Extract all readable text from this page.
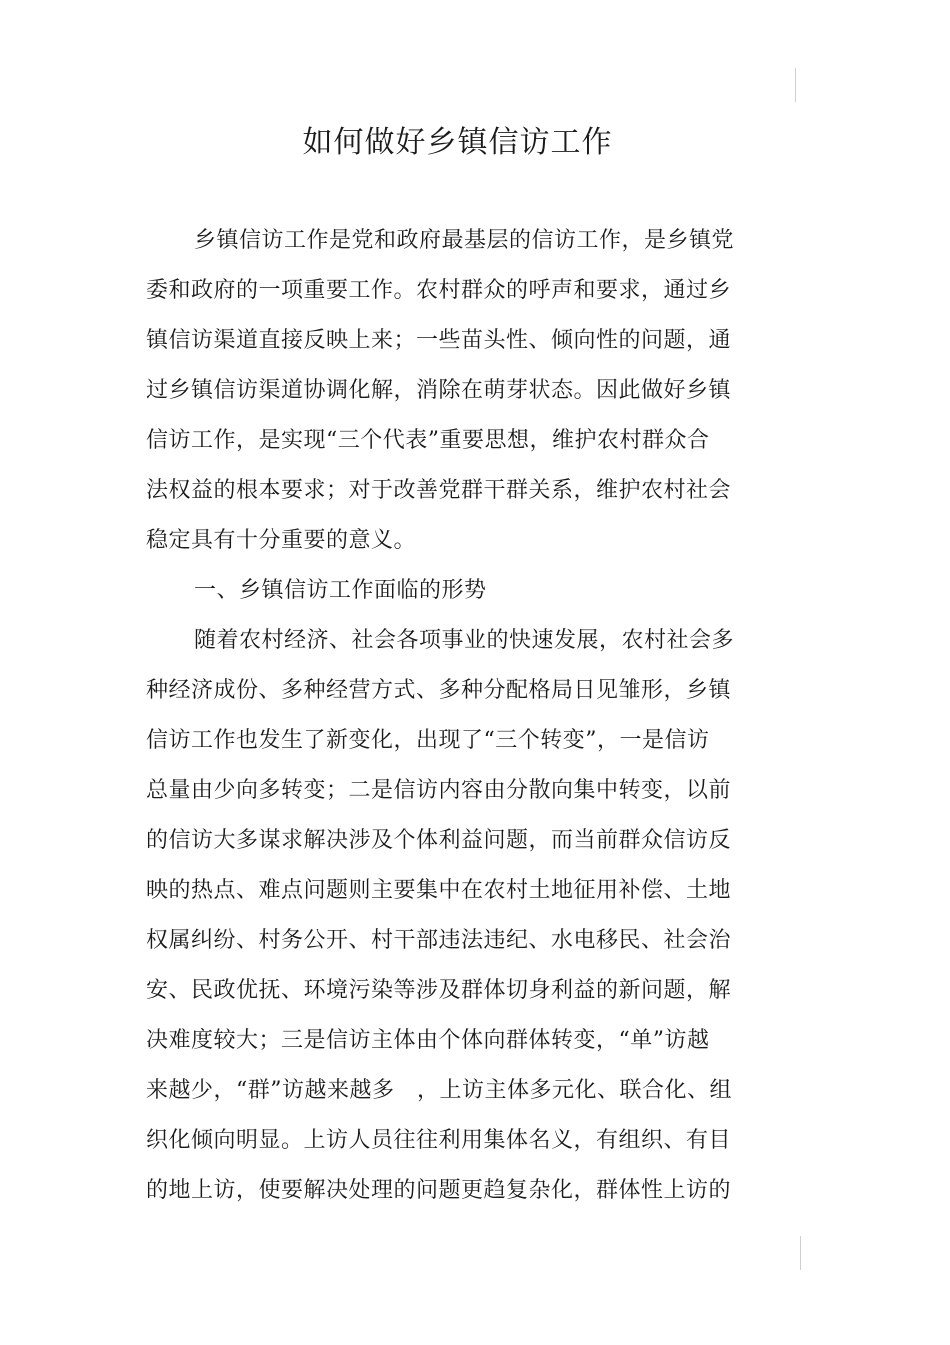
如何做好乡镇信访工作
乡镇信访工作是党和政府最基层的信访工作，是乡镇党
委和政府的一项重要工作。农村群众的呼声和要求，通过乡
镇信访渠道直接反映上来；一些苗头性、倾向性的问题，通
过乡镇信访渠道协调化解，消除在萌芽状态。因此做好乡镇
信访工作，是实现“三个代表”重要思想，维护农村群众合
法权益的根本要求；对于改善党群干群关系，维护农村社会
稳定具有十分重要的意义。
一、乡镇信访工作面临的形势
随着农村经济、社会各项事业的快速发展，农村社会多
种经济成份、多种经营方式、多种分配格局日见雏形，乡镇
信访工作也发生了新变化，出现了“三个转变”，一是信访
总量由少向多转变；二是信访内容由分散向集中转变，以前
的信访大多谋求解决涉及个体利益问题，而当前群众信访反
映的热点、难点问题则主要集中在农村土地征用补偿、土地
权属纠纷、村务公开、村干部违法违纪、水电移民、社会治
安、民政优抚、环境污染等涉及群体切身利益的新问题，解
决难度较大；三是信访主体由个体向群体转变，“单”访越
来越少，“群”访越来越多　，上访主体多元化、联合化、组
织化倾向明显。上访人员往往利用集体名义，有组织、有目
的地上访，使要解决处理的问题更趋复杂化，群体性上访的
